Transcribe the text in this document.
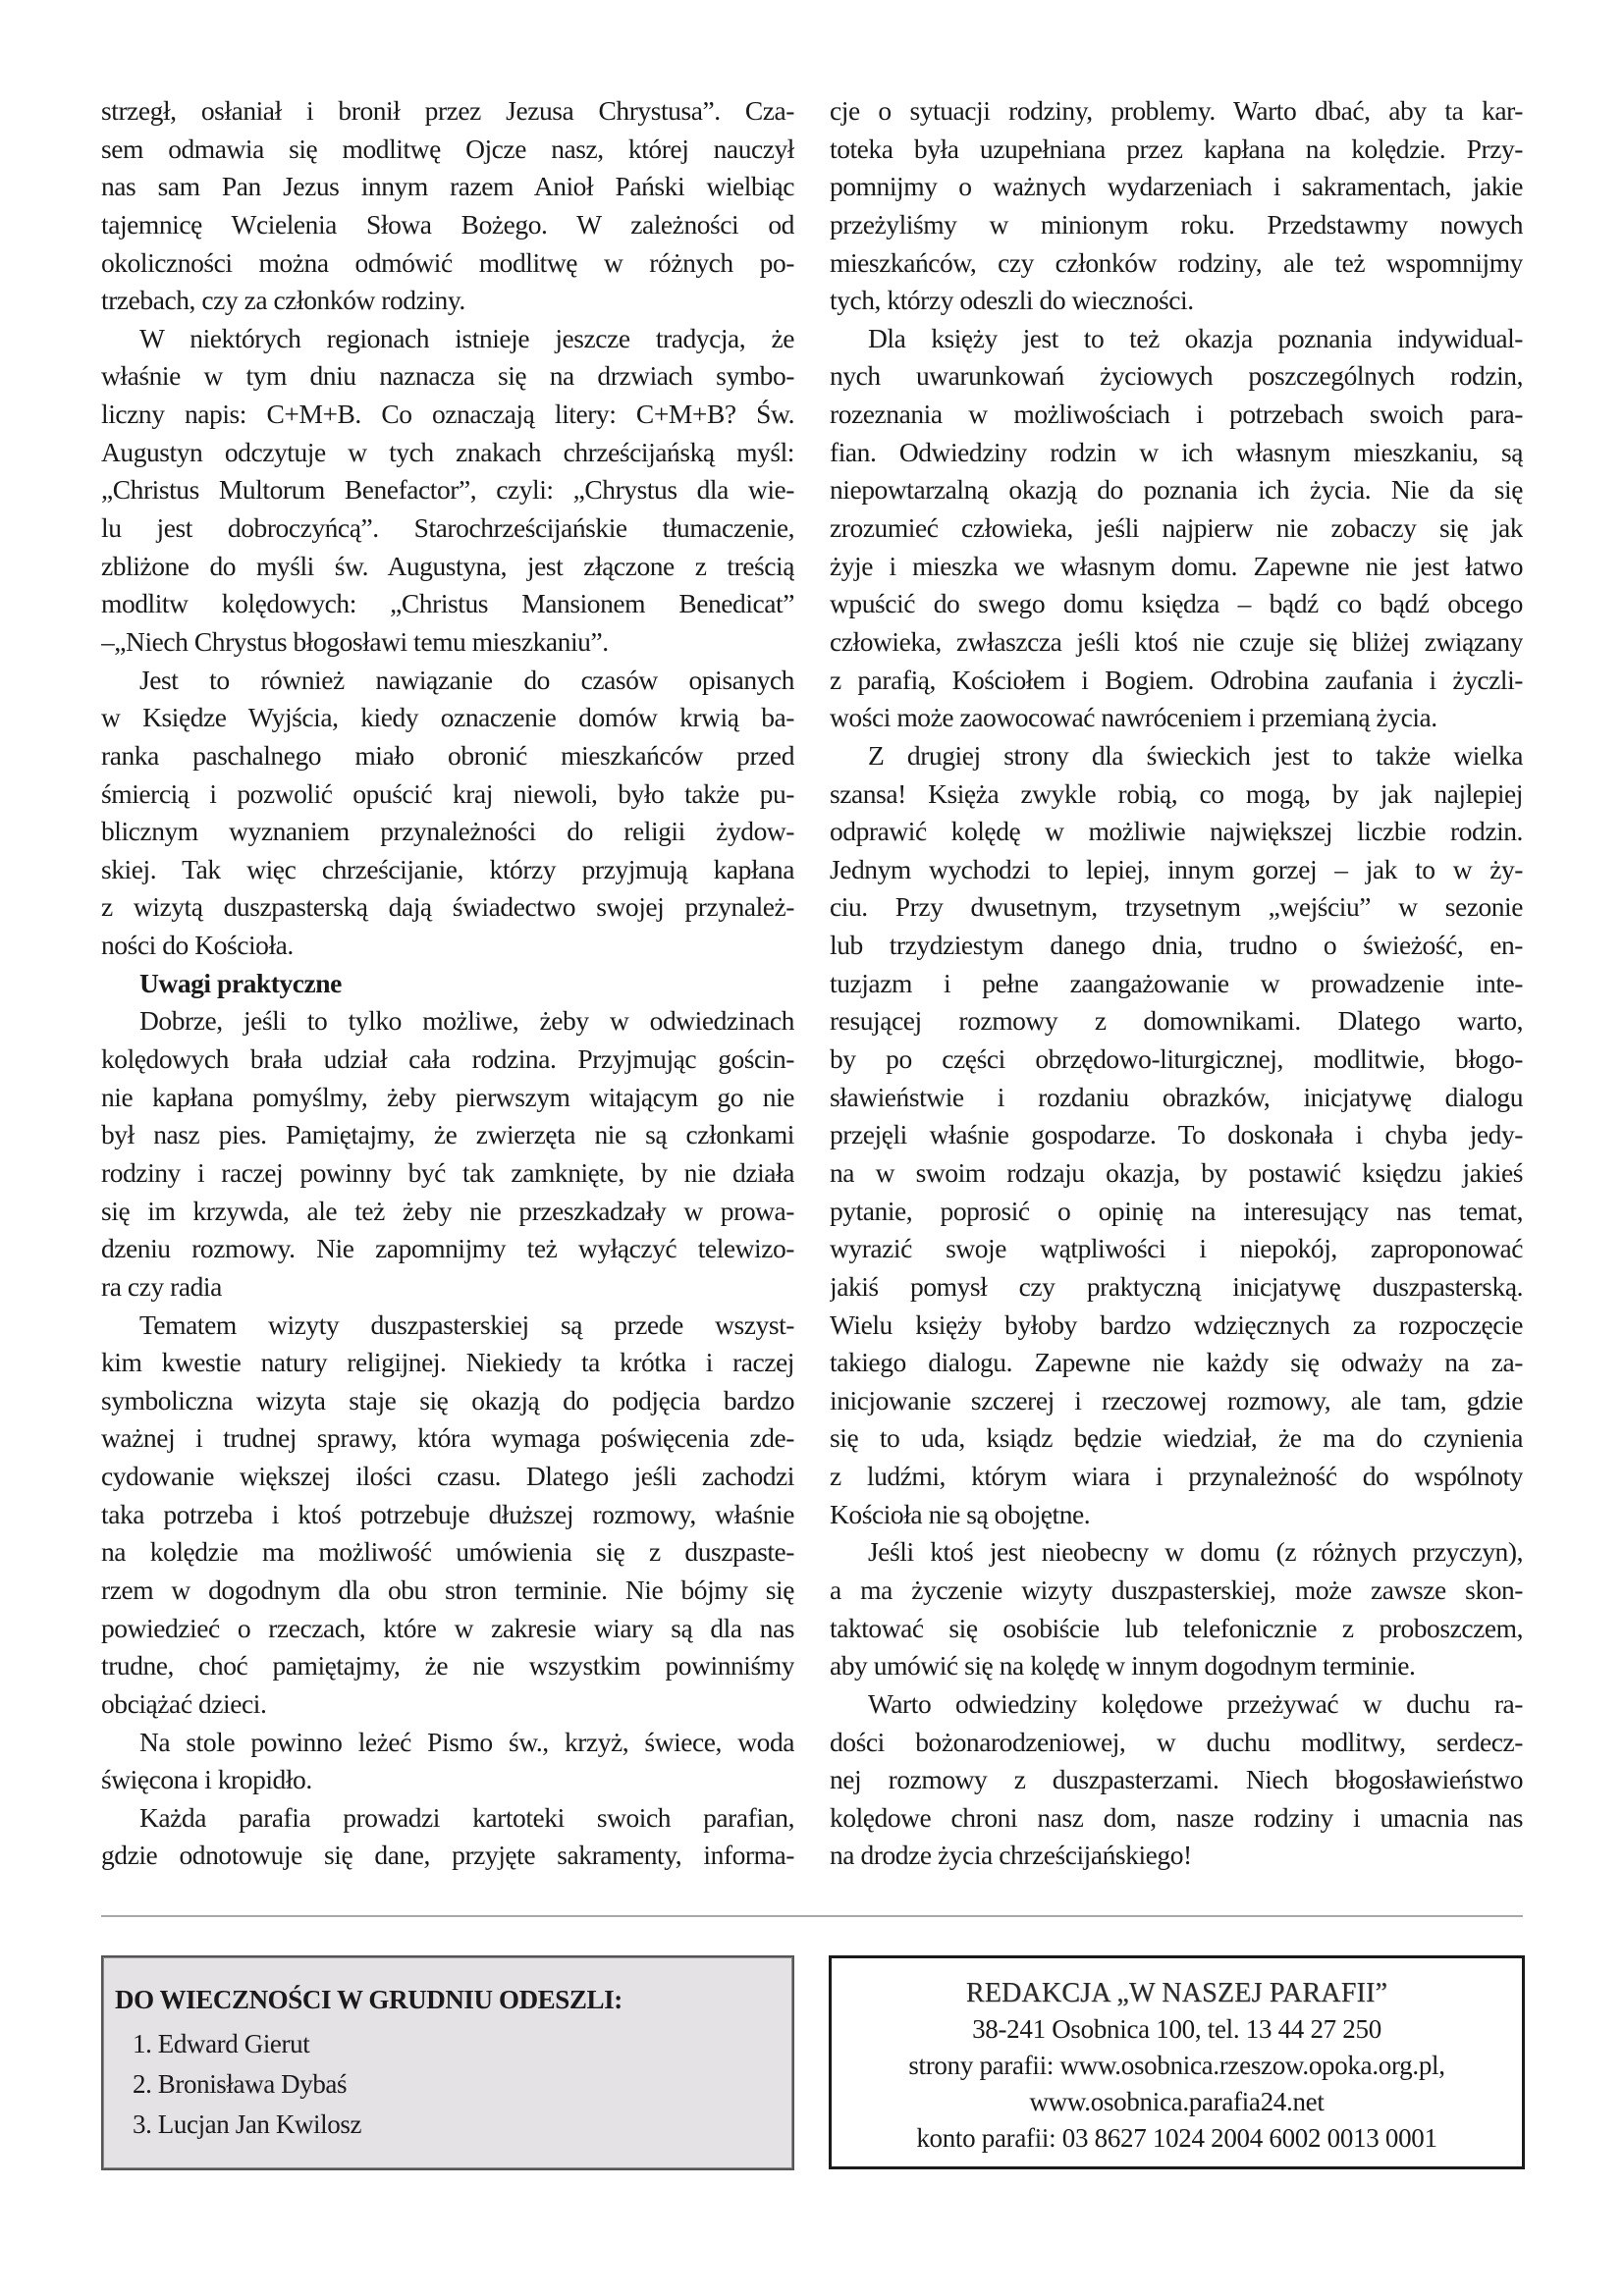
strzegł, osłaniał i bronił przez Jezusa Chrystusa”. Cza-
sem odmawia się modlitwę Ojcze nasz, której nauczył
nas sam Pan Jezus innym razem Anioł Pański wielbiąc
tajemnicę Wcielenia Słowa Bożego. W zależności od
okoliczności można odmówić modlitwę w różnych po-
trzebach, czy za członków rodziny.
W niektórych regionach istnieje jeszcze tradycja, że
właśnie w tym dniu naznacza się na drzwiach symbo-
liczny napis: C+M+B. Co oznaczają litery: C+M+B? Św.
Augustyn odczytuje w tych znakach chrześcijańską myśl:
„Christus Multorum Benefactor”, czyli: „Chrystus dla wie-
lu jest dobroczyńcą”. Starochrześcijańskie tłumaczenie,
zbliżone do myśli św. Augustyna, jest złączone z treścią
modlitw kolędowych: „Christus Mansionem Benedicat”
–„Niech Chrystus błogosławi temu mieszkaniu”.
Jest to również nawiązanie do czasów opisanych
w Księdze Wyjścia, kiedy oznaczenie domów krwią ba-
ranka paschalnego miało obronić mieszkańców przed
śmiercią i pozwolić opuścić kraj niewoli, było także pu-
blicznym wyznaniem przynależności do religii żydow-
skiej. Tak więc chrześcijanie, którzy przyjmują kapłana
z wizytą duszpasterską dają świadectwo swojej przynależ-
ności do Kościoła.
Uwagi praktyczne
Dobrze, jeśli to tylko możliwe, żeby w odwiedzinach
kolędowych brała udział cała rodzina. Przyjmując gościn-
nie kapłana pomyślmy, żeby pierwszym witającym go nie
był nasz pies. Pamiętajmy, że zwierzęta nie są członkami
rodziny i raczej powinny być tak zamknięte, by nie działa
się im krzywda, ale też żeby nie przeszkadzały w prowa-
dzeniu rozmowy. Nie zapomnijmy też wyłączyć telewizo-
ra czy radia
Tematem wizyty duszpasterskiej są przede wszyst-
kim kwestie natury religijnej. Niekiedy ta krótka i raczej
symboliczna wizyta staje się okazją do podjęcia bardzo
ważnej i trudnej sprawy, która wymaga poświęcenia zde-
cydowanie większej ilości czasu. Dlatego jeśli zachodzi
taka potrzeba i ktoś potrzebuje dłuższej rozmowy, właśnie
na kolędzie ma możliwość umówienia się z duszpaste-
rzem w dogodnym dla obu stron terminie. Nie bójmy się
powiedzieć o rzeczach, które w zakresie wiary są dla nas
trudne, choć pamiętajmy, że nie wszystkim powinniśmy
obciążać dzieci.
Na stole powinno leżeć Pismo św., krzyż, świece, woda
święcona i kropidło.
Każda parafia prowadzi kartoteki swoich parafian,
gdzie odnotowuje się dane, przyjęte sakramenty, informa-
cje o sytuacji rodziny, problemy. Warto dbać, aby ta kar-
toteka była uzupełniana przez kapłana na kolędzie. Przy-
pomnijmy o ważnych wydarzeniach i sakramentach, jakie
przeżyliśmy w minionym roku. Przedstawmy nowych
mieszkańców, czy członków rodziny, ale też wspomnijmy
tych, którzy odeszli do wieczności.
Dla księży jest to też okazja poznania indywidual-
nych uwarunkowań życiowych poszczególnych rodzin,
rozeznania w możliwościach i potrzebach swoich para-
fian. Odwiedziny rodzin w ich własnym mieszkaniu, są
niepowtarzalną okazją do poznania ich życia. Nie da się
zrozumieć człowieka, jeśli najpierw nie zobaczy się jak
żyje i mieszka we własnym domu. Zapewne nie jest łatwo
wpuścić do swego domu księdza – bądź co bądź obcego
człowieka, zwłaszcza jeśli ktoś nie czuje się bliżej związany
z parafią, Kościołem i Bogiem. Odrobina zaufania i życzli-
wości może zaowocować nawróceniem i przemianą życia.
Z drugiej strony dla świeckich jest to także wielka
szansa! Księża zwykle robią, co mogą, by jak najlepiej
odprawić kolędę w możliwie największej liczbie rodzin.
Jednym wychodzi to lepiej, innym gorzej – jak to w ży-
ciu. Przy dwusetnym, trzysetnym „wejściu” w sezonie
lub trzydziestym danego dnia, trudno o świeżość, en-
tuzjazm i pełne zaangażowanie w prowadzenie inte-
resującej rozmowy z domownikami. Dlatego warto,
by po części obrzędowo-liturgicznej, modlitwie, błogo-
sławieństwie i rozdaniu obrazków, inicjatywę dialogu
przejęli właśnie gospodarze. To doskonała i chyba jedy-
na w swoim rodzaju okazja, by postawić księdzu jakieś
pytanie, poprosić o opinię na interesujący nas temat,
wyrazić swoje wątpliwości i niepokój, zaproponować
jakiś pomysł czy praktyczną inicjatywę duszpasterską.
Wielu księży byłoby bardzo wdzięcznych za rozpoczęcie
takiego dialogu. Zapewne nie każdy się odważy na za-
inicjowanie szczerej i rzeczowej rozmowy, ale tam, gdzie
się to uda, ksiądz będzie wiedział, że ma do czynienia
z ludźmi, którym wiara i przynależność do wspólnoty
Kościoła nie są obojętne.
Jeśli ktoś jest nieobecny w domu (z różnych przyczyn),
a ma życzenie wizyty duszpasterskiej, może zawsze skon-
taktować się osobiście lub telefonicznie z proboszczem,
aby umówić się na kolędę w innym dogodnym terminie.
Warto odwiedziny kolędowe przeżywać w duchu ra-
dości bożonarodzeniowej, w duchu modlitwy, serdecz-
nej rozmowy z duszpasterzami. Niech błogosławieństwo
kolędowe chroni nasz dom, nasze rodziny i umacnia nas
na drodze życia chrześcijańskiego!
DO WIECZNOŚCI W GRUDNIU ODESZLI:
1. Edward Gierut
2. Bronisława Dybaś
3. Lucjan Jan Kwilosz
REDAKCJA „W NASZEJ PARAFII”
38-241 Osobnica 100, tel. 13 44 27 250
strony parafii: www.osobnica.rzeszow.opoka.org.pl,
www.osobnica.parafia24.net
konto parafii: 03 8627 1024 2004 6002 0013 0001
